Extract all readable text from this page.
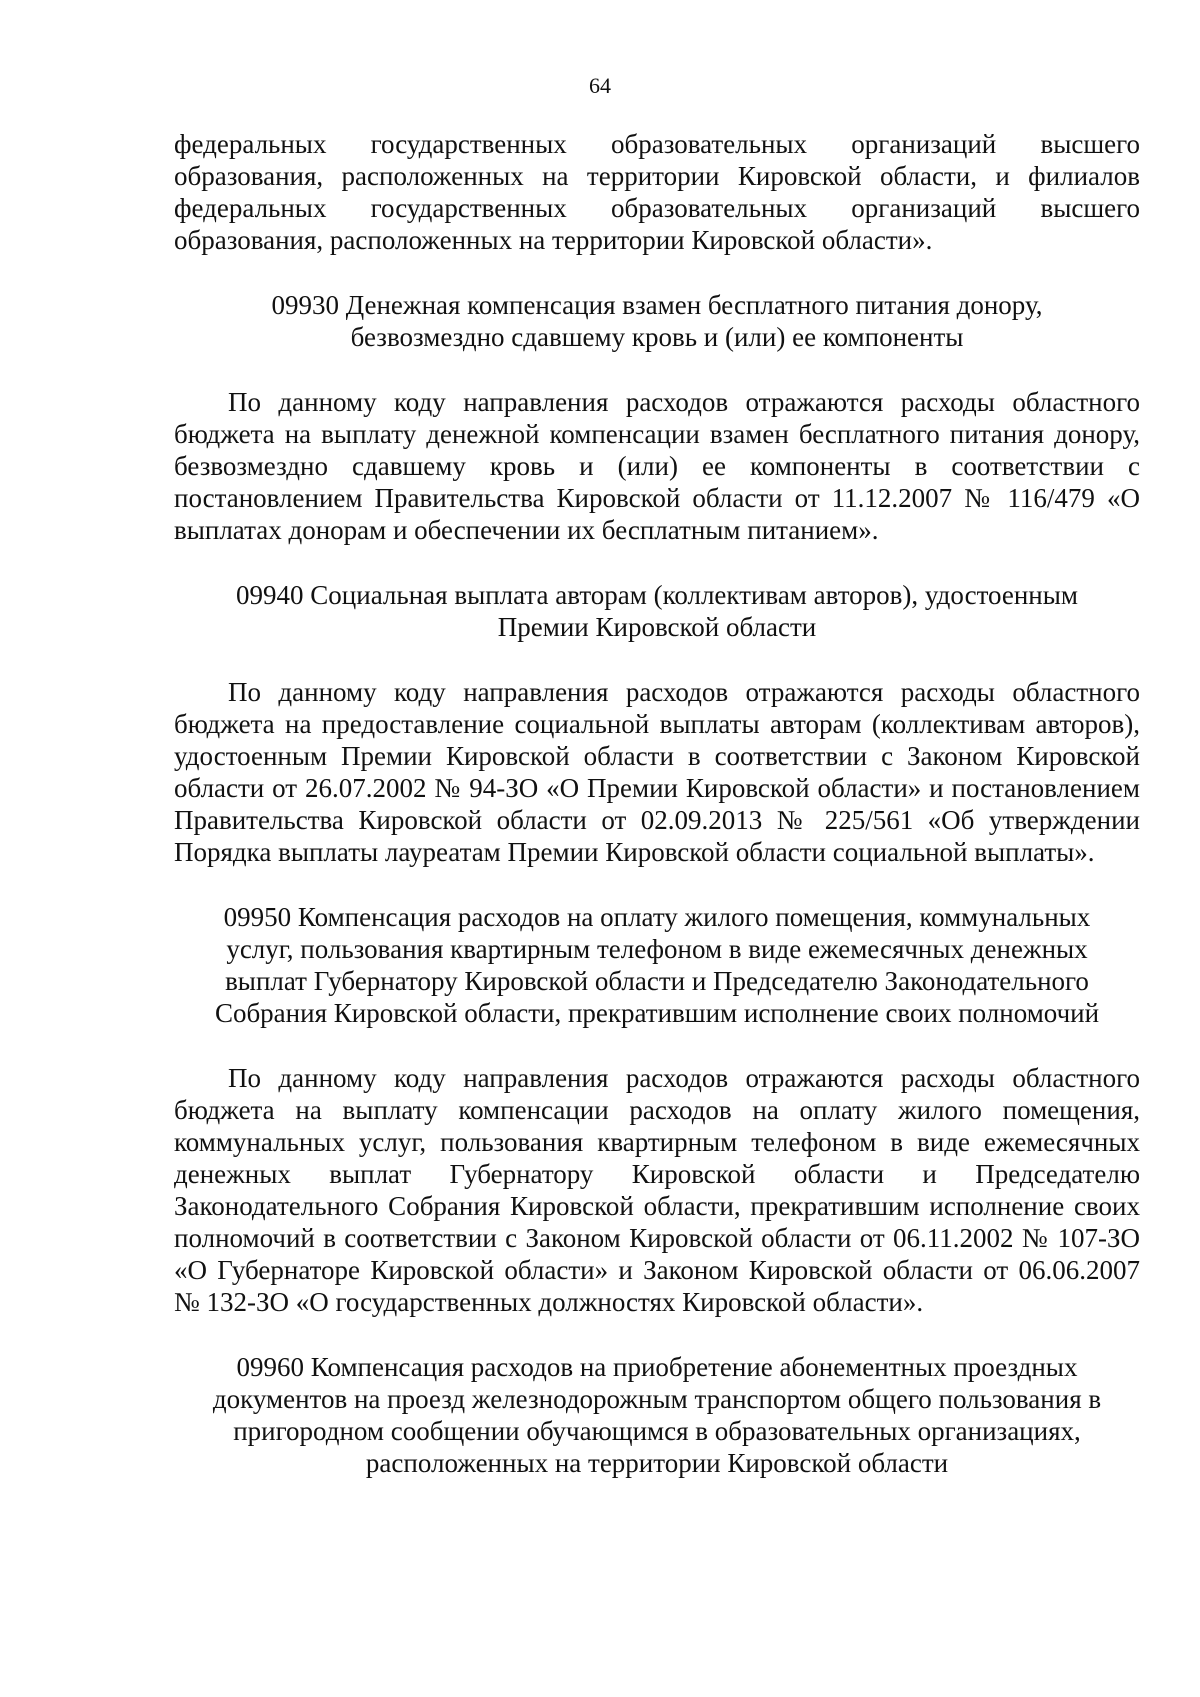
64

федеральных государственных образовательных организаций высшего образования, расположенных на территории Кировской области, и филиалов федеральных государственных образовательных организаций высшего образования, расположенных на территории Кировской области».

09930 Денежная компенсация взамен бесплатного питания донору,
безвозмездно сдавшему кровь и (или) ее компоненты

По данному коду направления расходов отражаются расходы областного бюджета на выплату денежной компенсации взамен бесплатного питания донору, безвозмездно сдавшему кровь и (или) ее компоненты в соответствии с постановлением Правительства Кировской области от 11.12.2007 № 116/479 «О выплатах донорам и обеспечении их бесплатным питанием».

09940 Социальная выплата авторам (коллективам авторов), удостоенным
Премии Кировской области

По данному коду направления расходов отражаются расходы областного бюджета на предоставление социальной выплаты авторам (коллективам авторов), удостоенным Премии Кировской области в соответствии с Законом Кировской области от 26.07.2002 № 94-ЗО «О Премии Кировской области» и постановлением Правительства Кировской области от 02.09.2013 № 225/561 «Об утверждении Порядка выплаты лауреатам Премии Кировской области социальной выплаты».

09950 Компенсация расходов на оплату жилого помещения, коммунальных
услуг, пользования квартирным телефоном в виде ежемесячных денежных
выплат Губернатору Кировской области и Председателю Законодательного
Собрания Кировской области, прекратившим исполнение своих полномочий

По данному коду направления расходов отражаются расходы областного бюджета на выплату компенсации расходов на оплату жилого помещения, коммунальных услуг, пользования квартирным телефоном в виде ежемесячных денежных выплат Губернатору Кировской области и Председателю Законодательного Собрания Кировской области, прекратившим исполнение своих полномочий в соответствии с Законом Кировской области от 06.11.2002 № 107-ЗО «О Губернаторе Кировской области» и Законом Кировской области от 06.06.2007 № 132-ЗО «О государственных должностях Кировской области».

09960 Компенсация расходов на приобретение абонементных проездных
документов на проезд железнодорожным транспортом общего пользования в
пригородном сообщении обучающимся в образовательных организациях,
расположенных на территории Кировской области
